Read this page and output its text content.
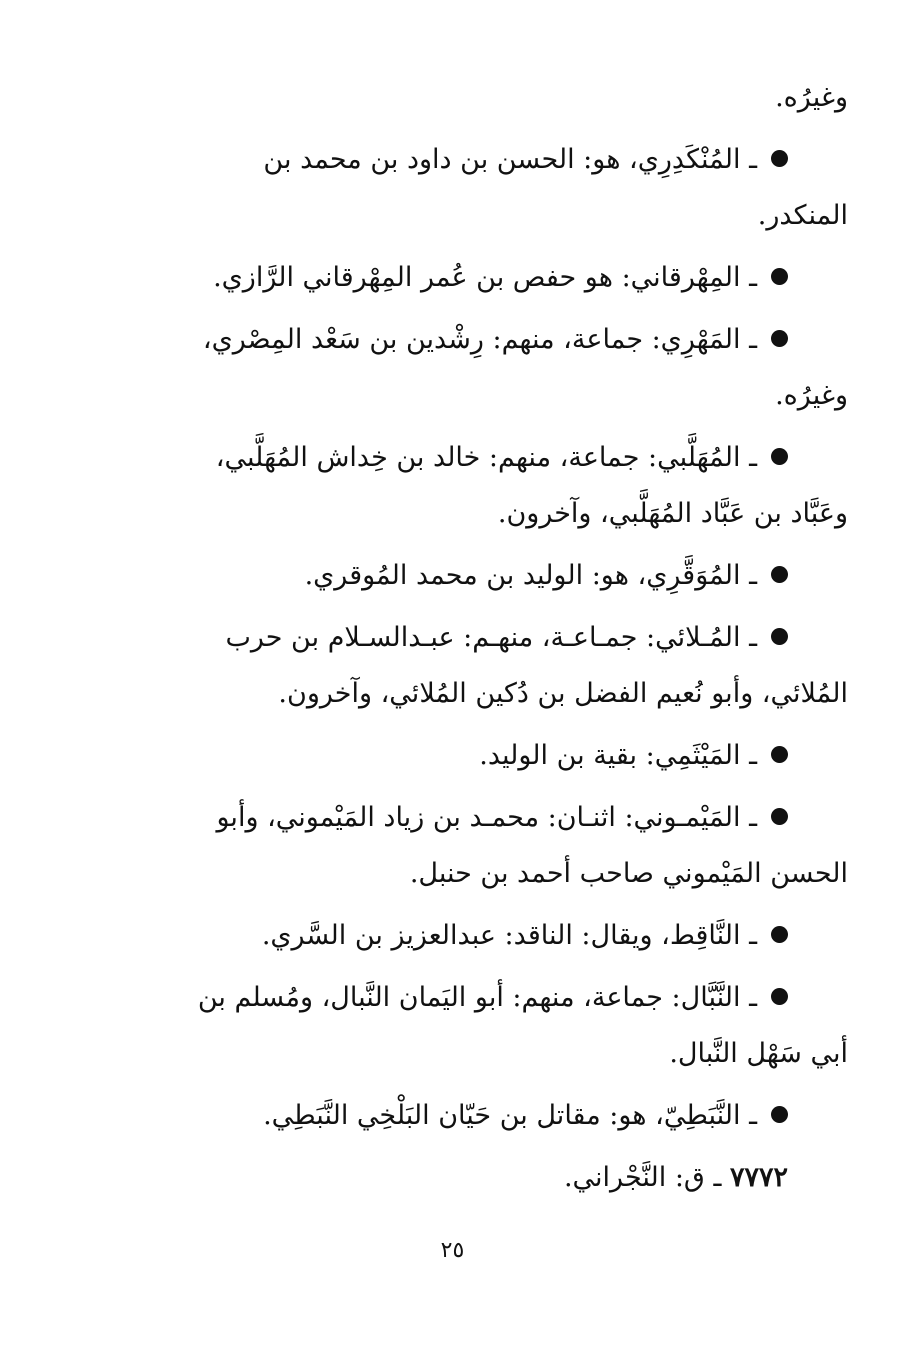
وغيرُه.
ـ المُنْكَدِرِي، هو: الحسن بن داود بن محمد بن
المنكدر.
ـ المِهْرقاني: هو حفص بن عُمر المِهْرقاني الرَّازي.
ـ المَهْرِي: جماعة، منهم: رِشْدين بن سَعْد المِصْري،
وغيرُه.
ـ المُهَلَّبي: جماعة، منهم: خالد بن خِداش المُهَلَّبي،
وعَبَّاد بن عَبَّاد المُهَلَّبي، وآخرون.
ـ المُوَقَّرِي، هو: الوليد بن محمد المُوقري.
ـ المُـلائي: جمـاعـة، منهـم: عبـدالسـلام بن حرب
المُلائي، وأبو نُعيم الفضل بن دُكين المُلائي، وآخرون.
ـ المَيْثَمِي: بقية بن الوليد.
ـ المَيْمـوني: اثنـان: محمـد بن زياد المَيْموني، وأبو
الحسن المَيْموني صاحب أحمد بن حنبل.
ـ النَّاقِط، ويقال: الناقد: عبدالعزيز بن السَّري.
ـ النَّبَّال: جماعة، منهم: أبو اليَمان النَّبال، ومُسلم بن
أبي سَهْل النَّبال.
ـ النَّبَطِيّ، هو: مقاتل بن حَيّان البَلْخِي النَّبَطِي.
٧٧٧٢ ـ ق: النَّجْراني.
٢٥
